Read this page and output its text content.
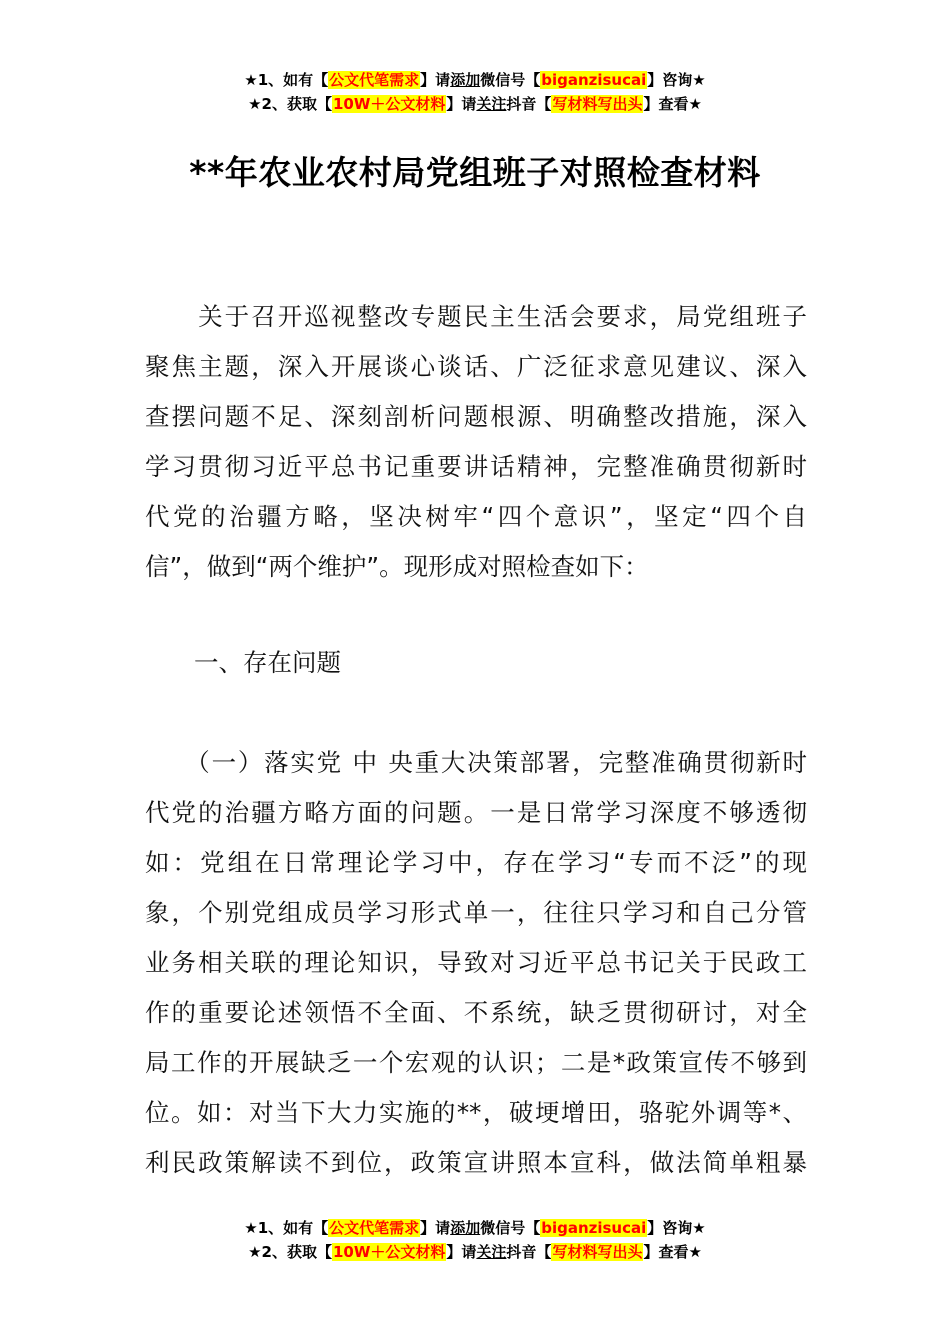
★1、如有【公文代笔需求】请添加微信号【biganzisucai】咨询★
★2、获取【10W＋公文材料】请关注抖音【写材料写出头】查看★
**年农业农村局党组班子对照检查材料
　　关于召开巡视整改专题民主生活会要求，局党组班子
聚焦主题，深入开展谈心谈话、广泛征求意见建议、深入
查摆问题不足、深刻剖析问题根源、明确整改措施，深入
学习贯彻习近平总书记重要讲话精神，完整准确贯彻新时
代党的治疆方略，坚决树牢“四个意识”，坚定“四个自
信”，做到“两个维护”。现形成对照检查如下：
　　一、存在问题
　　（一）落实党 中 央重大决策部署，完整准确贯彻新时
代党的治疆方略方面的问题。一是日常学习深度不够透彻
如：党组在日常理论学习中，存在学习“专而不泛”的现
象，个别党组成员学习形式单一，往往只学习和自己分管
业务相关联的理论知识，导致对习近平总书记关于民政工
作的重要论述领悟不全面、不系统，缺乏贯彻研讨，对全
局工作的开展缺乏一个宏观的认识；二是*政策宣传不够到
位。如：对当下大力实施的**，破埂增田，骆驼外调等*、
利民政策解读不到位，政策宣讲照本宣科，做法简单粗暴
★1、如有【公文代笔需求】请添加微信号【biganzisucai】咨询★
★2、获取【10W＋公文材料】请关注抖音【写材料写出头】查看★
